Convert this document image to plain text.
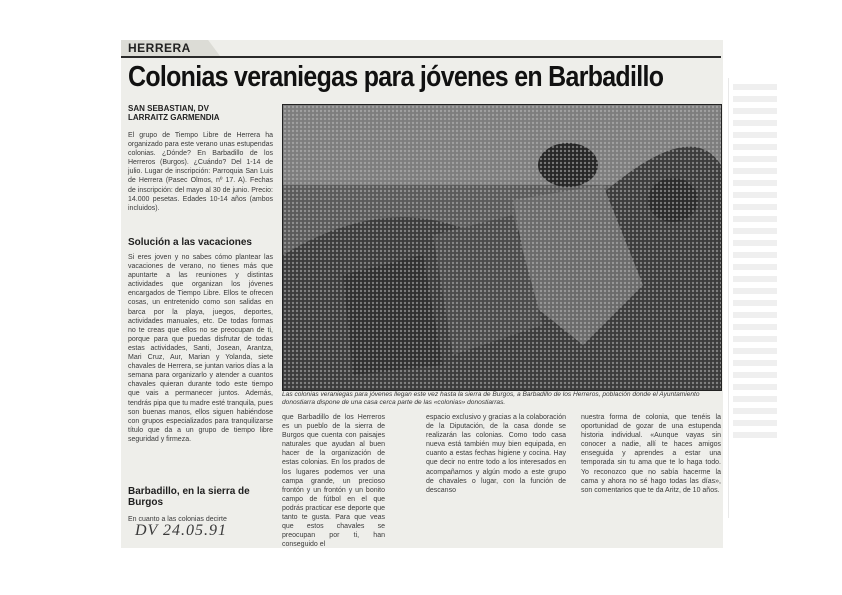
HERRERA
Colonias veraniegas para jóvenes en Barbadillo
SAN SEBASTIAN, DV
LARRAITZ GARMENDIA
El grupo de Tiempo Libre de Herrera ha organizado para este verano unas estupendas colonias. ¿Dónde? En Barbadillo de los Herreros (Burgos). ¿Cuándo? Del 1-14 de julio. Lugar de inscripción: Parroquia San Luis de Herrera (Pasec Olmos, nº 17. A). Fechas de inscripción: del mayo al 30 de junio. Precio: 14.000 pesetas. Edades 10-14 años (ambos incluidos).
Solución a las vacaciones
Si eres joven y no sabes cómo plantear las vacaciones de verano, no tienes más que apuntarte a las reuniones y distintas actividades que organizan los jóvenes encargados de Tiempo Libre. Ellos te ofrecen cosas, un entretenido como son salidas en barca por la playa, juegos, deportes, actividades manuales, etc. De todas formas no te creas que ellos no se preocupan de ti, porque para que puedas disfrutar de todas estas actividades, Santi, Josean, Arantza, Mari Cruz, Aur, Marian y Yolanda, siete chavales de Herrera, se juntan varios días a la semana para organizarlo y atender a cuantos chavales quieran durante todo este tiempo que vais a permanecer juntos. Además, tendrás pipa que tu madre esté tranquila, pues son buenas manos, ellos siguen habiéndose con grupos especializados para tranquilizarse título que da a un grupo de tiempo libre seguridad y firmeza.
Barbadillo, en la sierra de Burgos
En cuanto a las colonias decirte
Las colonias veraniegas para jóvenes llegan este vez hasta la sierra de Burgos, a Barbadillo de los Herreros, población donde el Ayuntamiento donostiarra dispone de una casa cerca parte de las «colonias» donostiarras.
que Barbadillo de los Herreros es un pueblo de la sierra de Burgos que cuenta con paisajes naturales que ayudan al buen hacer de la organización de estas colonias. En los prados de los lugares podemos ver una campa grande, un precioso frontón y un frontón y un bonito campo de fútbol en el que podrás practicar ese deporte que tanto te gusta. Para que veas que estos chavales se preocupan por ti, han conseguido el
espacio exclusivo y gracias a la colaboración de la Diputación, de la casa donde se realizarán las colonias. Como todo casa nueva está también muy bien equipada, en cuanto a estas fechas higiene y cocina. Hay que decir no entre todo a los interesados en acompañarnos y algún modo a este grupo de chavales o lugar, con la función de descanso
nuestra forma de colonia, que tenéis la oportunidad de gozar de una estupenda historia individual. «Aunque vayas sin conocer a nadie, allí te haces amigos enseguida y aprendes a estar una temporada sin tu ama que te lo haga todo. Yo reconozco que no sabía hacerme la cama y ahora no sé hago todas las días», son comentarios que te da Aritz, de 10 años.
DV 24.05.91
